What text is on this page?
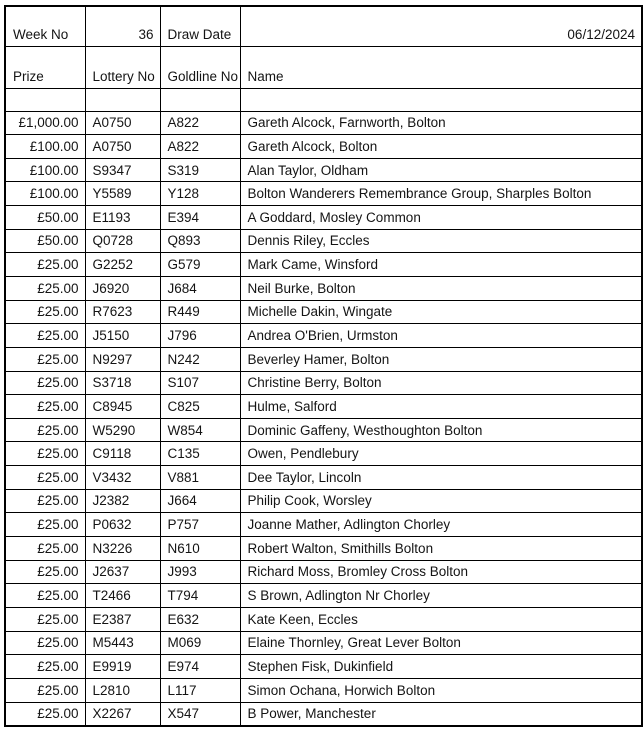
Week No	36	Draw Date	06/12/2024
Prize	Lottery No	Goldline No	Name

£1,000.00	A0750	A822	Gareth Alcock, Farnworth, Bolton
£100.00	A0750	A822	Gareth Alcock, Bolton
£100.00	S9347	S319	Alan Taylor, Oldham
£100.00	Y5589	Y128	Bolton Wanderers Remembrance Group, Sharples Bolton
£50.00	E1193	E394	A Goddard, Mosley Common
£50.00	Q0728	Q893	Dennis Riley, Eccles
£25.00	G2252	G579	Mark Came, Winsford
£25.00	J6920	J684	Neil Burke, Bolton
£25.00	R7623	R449	Michelle Dakin, Wingate
£25.00	J5150	J796	Andrea O'Brien, Urmston
£25.00	N9297	N242	Beverley Hamer, Bolton
£25.00	S3718	S107	Christine Berry, Bolton
£25.00	C8945	C825	Hulme, Salford
£25.00	W5290	W854	Dominic Gaffeny, Westhoughton Bolton
£25.00	C9118	C135	Owen, Pendlebury
£25.00	V3432	V881	Dee Taylor, Lincoln
£25.00	J2382	J664	Philip Cook, Worsley
£25.00	P0632	P757	Joanne Mather, Adlington Chorley
£25.00	N3226	N610	Robert Walton, Smithills Bolton
£25.00	J2637	J993	Richard Moss, Bromley Cross Bolton
£25.00	T2466	T794	S Brown, Adlington Nr Chorley
£25.00	E2387	E632	Kate Keen, Eccles
£25.00	M5443	M069	Elaine Thornley, Great Lever Bolton
£25.00	E9919	E974	Stephen Fisk, Dukinfield
£25.00	L2810	L117	Simon Ochana, Horwich Bolton
£25.00	X2267	X547	B Power, Manchester
